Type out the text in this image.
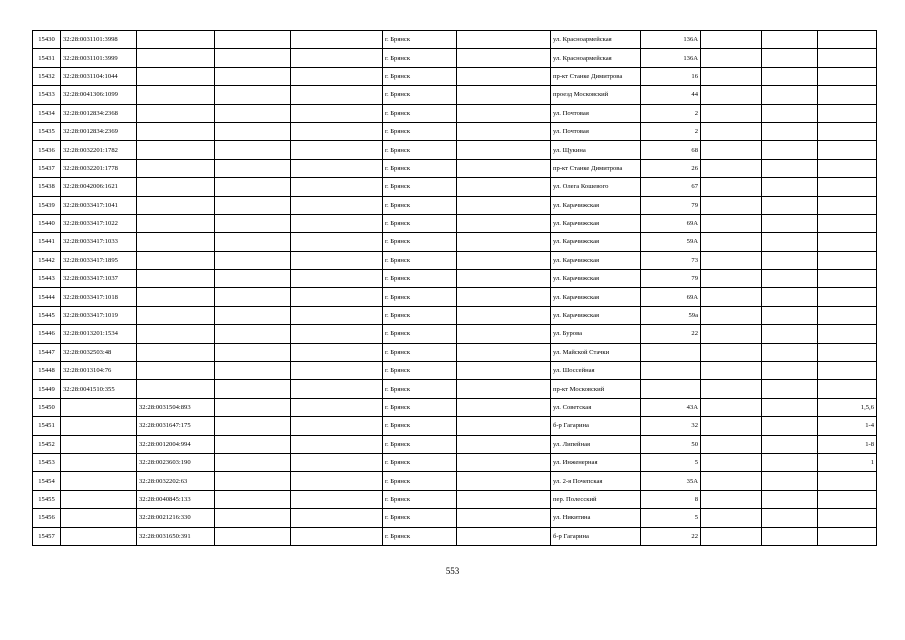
15430	32:28:0031101:3998				г. Брянск		ул. Красноармейская	136А			
15431	32:28:0031101:3999				г. Брянск		ул. Красноармейская	136А			
15432	32:28:0031104:1044				г. Брянск		пр-кт Станке Димитрова	16			
15433	32:28:0041306:1099				г. Брянск		проезд Московский	44			
15434	32:28:0012834:2368				г. Брянск		ул. Почтовая	2			
15435	32:28:0012834:2369				г. Брянск		ул. Почтовая	2			
15436	32:28:0032201:1782				г. Брянск		ул. Щукина	68			
15437	32:28:0032201:1778				г. Брянск		пр-кт Станке Димитрова	26			
15438	32:28:0042006:1621				г. Брянск		ул. Олега Кошевого	67			
15439	32:28:0033417:1041				г. Брянск		ул. Карачижская	79			
15440	32:28:0033417:1022				г. Брянск		ул. Карачижская	69А			
15441	32:28:0033417:1033				г. Брянск		ул. Карачижская	59А			
15442	32:28:0033417:1895				г. Брянск		ул. Карачижская	73			
15443	32:28:0033417:1037				г. Брянск		ул. Карачижская	79			
15444	32:28:0033417:1018				г. Брянск		ул. Карачижская	69А			
15445	32:28:0033417:1019				г. Брянск		ул. Карачижская	59а			
15446	32:28:0013201:1534				г. Брянск		ул. Бурова	22			
15447	32:28:0032503:48				г. Брянск		ул. Майской Стачки				
15448	32:28:0013104:76				г. Брянск		ул. Шоссейная				
15449	32:28:0041510:355				г. Брянск		пр-кт Московский				
15450		32:28:0031504:893			г. Брянск		ул. Советская	43А			1,5,6
15451		32:28:0031647:175			г. Брянск		б-р Гагарина	32			1-4
15452		32:28:0012004:994			г. Брянск		ул. Липейная	50			1-8
15453		32:28:0023603:190			г. Брянск		ул. Инженерная	5			1
15454		32:28:0032202:63			г. Брянск		ул. 2-я Почепская	35А			
15455		32:28:0040845:133			г. Брянск		пер. Полесский	8			
15456		32:28:0021216:330			г. Брянск		ул. Никитина	5			
15457		32:28:0031650:391			г. Брянск		б-р Гагарина	22			
553
